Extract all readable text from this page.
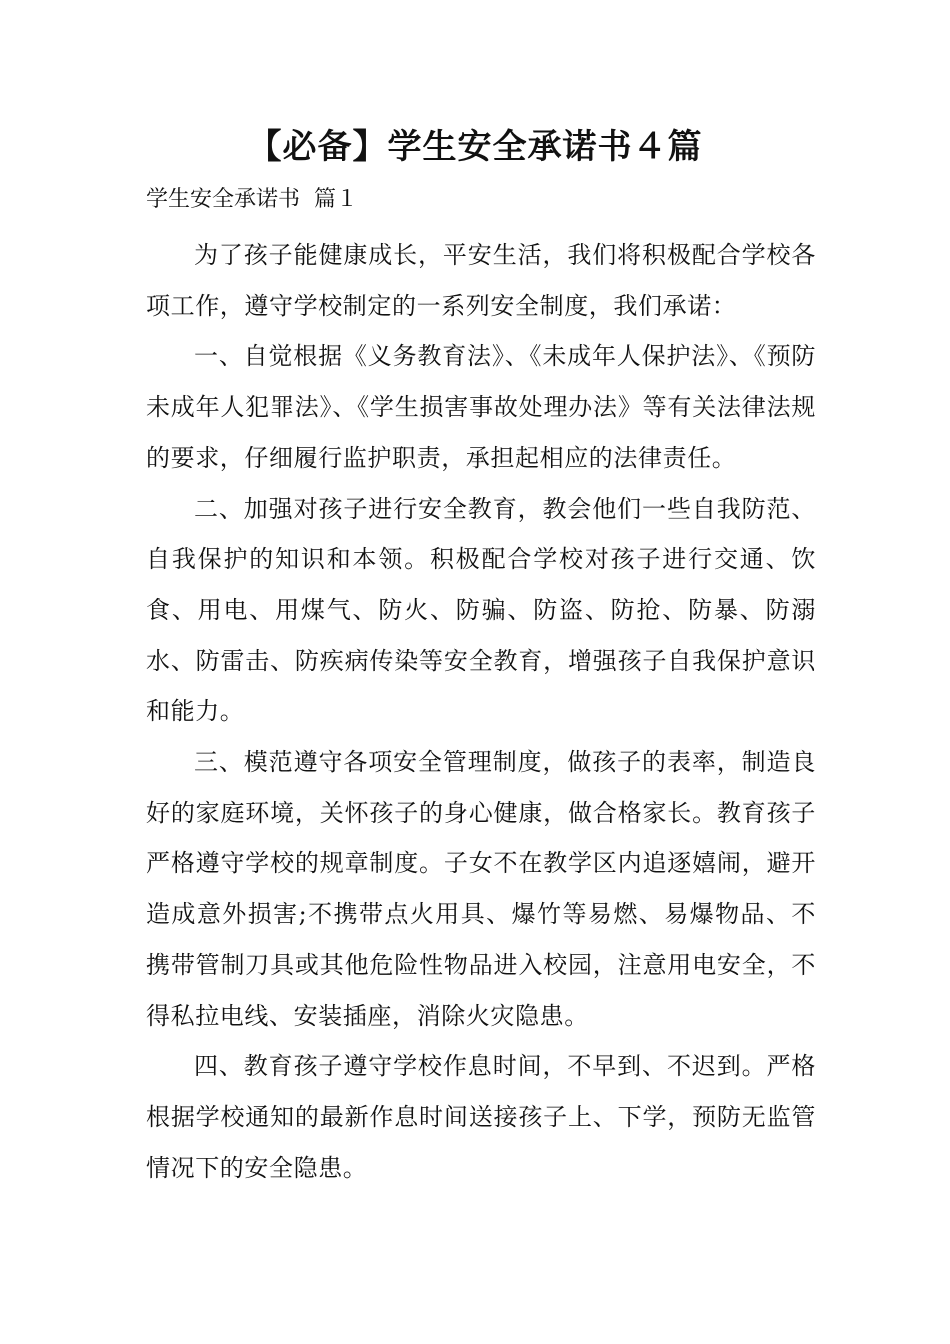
【必备】学生安全承诺书４篇

学生安全承诺书  篇１

为了孩子能健康成长，平安生活，我们将积极配合学校各项工作，遵守学校制定的一系列安全制度，我们承诺：

一、自觉根据《义务教育法》、《未成年人保护法》、《预防未成年人犯罪法》、《学生损害事故处理办法》等有关法律法规的要求，仔细履行监护职责，承担起相应的法律责任。

二、加强对孩子进行安全教育，教会他们一些自我防范、自我保护的知识和本领。积极配合学校对孩子进行交通、饮食、用电、用煤气、防火、防骗、防盗、防抢、防暴、防溺水、防雷击、防疾病传染等安全教育，增强孩子自我保护意识和能力。

三、模范遵守各项安全管理制度，做孩子的表率，制造良好的家庭环境，关怀孩子的身心健康，做合格家长。教育孩子严格遵守学校的规章制度。子女不在教学区内追逐嬉闹，避开造成意外损害;不携带点火用具、爆竹等易燃、易爆物品、不携带管制刀具或其他危险性物品进入校园，注意用电安全，不得私拉电线、安装插座，消除火灾隐患。

四、教育孩子遵守学校作息时间，不早到、不迟到。严格根据学校通知的最新作息时间送接孩子上、下学，预防无监管情况下的安全隐患。
